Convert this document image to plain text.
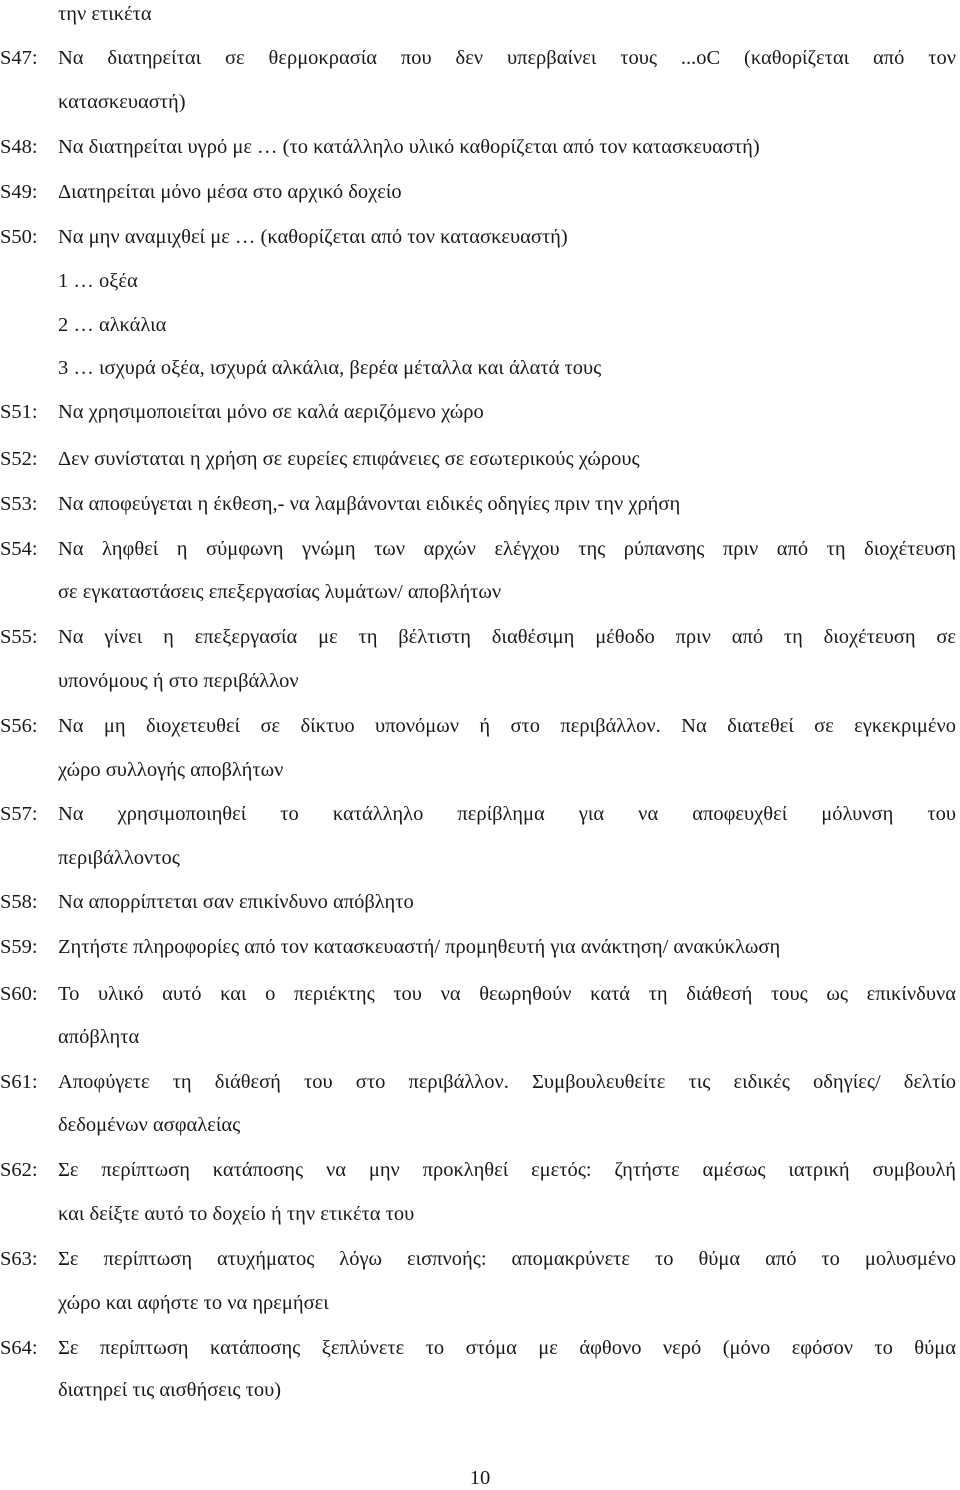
την ετικέτα
S47: Να διατηρείται σε θερμοκρασία που δεν υπερβαίνει τους ...oC (καθορίζεται από τον
κατασκευαστή)
S48: Να διατηρείται υγρό με … (το κατάλληλο υλικό καθορίζεται από τον κατασκευαστή)
S49: Διατηρείται μόνο μέσα στο αρχικό δοχείο
S50: Να μην αναμιχθεί με … (καθορίζεται από τον κατασκευαστή)
1 … οξέα
2 … αλκάλια
3 … ισχυρά οξέα, ισχυρά αλκάλια, βερέα μέταλλα και άλατά τους
S51: Να χρησιμοποιείται μόνο σε καλά αεριζόμενο χώρο
S52: Δεν συνίσταται η χρήση σε ευρείες επιφάνειες σε εσωτερικούς χώρους
S53: Να αποφεύγεται η έκθεση,- να λαμβάνονται ειδικές οδηγίες πριν την χρήση
S54: Να ληφθεί η σύμφωνη γνώμη των αρχών ελέγχου της ρύπανσης πριν από τη διοχέτευση
σε εγκαταστάσεις επεξεργασίας λυμάτων/ αποβλήτων
S55: Να γίνει η επεξεργασία με τη βέλτιστη διαθέσιμη μέθοδο πριν από τη διοχέτευση σε
υπονόμους ή στο περιβάλλον
S56: Να μη διοχετευθεί σε δίκτυο υπονόμων ή στο περιβάλλον. Να διατεθεί σε εγκεκριμένο
χώρο συλλογής αποβλήτων
S57: Να χρησιμοποιηθεί το κατάλληλο περίβλημα για να αποφευχθεί μόλυνση του
περιβάλλοντος
S58: Να απορρίπτεται σαν επικίνδυνο απόβλητο
S59: Ζητήστε πληροφορίες από τον κατασκευαστή/ προμηθευτή για ανάκτηση/ ανακύκλωση
S60: Το υλικό αυτό και ο περιέκτης του να θεωρηθούν κατά τη διάθεσή τους ως επικίνδυνα
απόβλητα
S61: Αποφύγετε τη διάθεσή του στο περιβάλλον. Συμβουλευθείτε τις ειδικές οδηγίες/ δελτίο
δεδομένων ασφαλείας
S62: Σε περίπτωση κατάποσης να μην προκληθεί εμετός: ζητήστε αμέσως ιατρική συμβουλή
και δείξτε αυτό το δοχείο ή την ετικέτα του
S63: Σε περίπτωση ατυχήματος λόγω εισπνοής: απομακρύνετε το θύμα από το μολυσμένο
χώρο και αφήστε το να ηρεμήσει
S64: Σε περίπτωση κατάποσης ξεπλύνετε το στόμα με άφθονο νερό (μόνο εφόσον το θύμα
διατηρεί τις αισθήσεις του)
10
